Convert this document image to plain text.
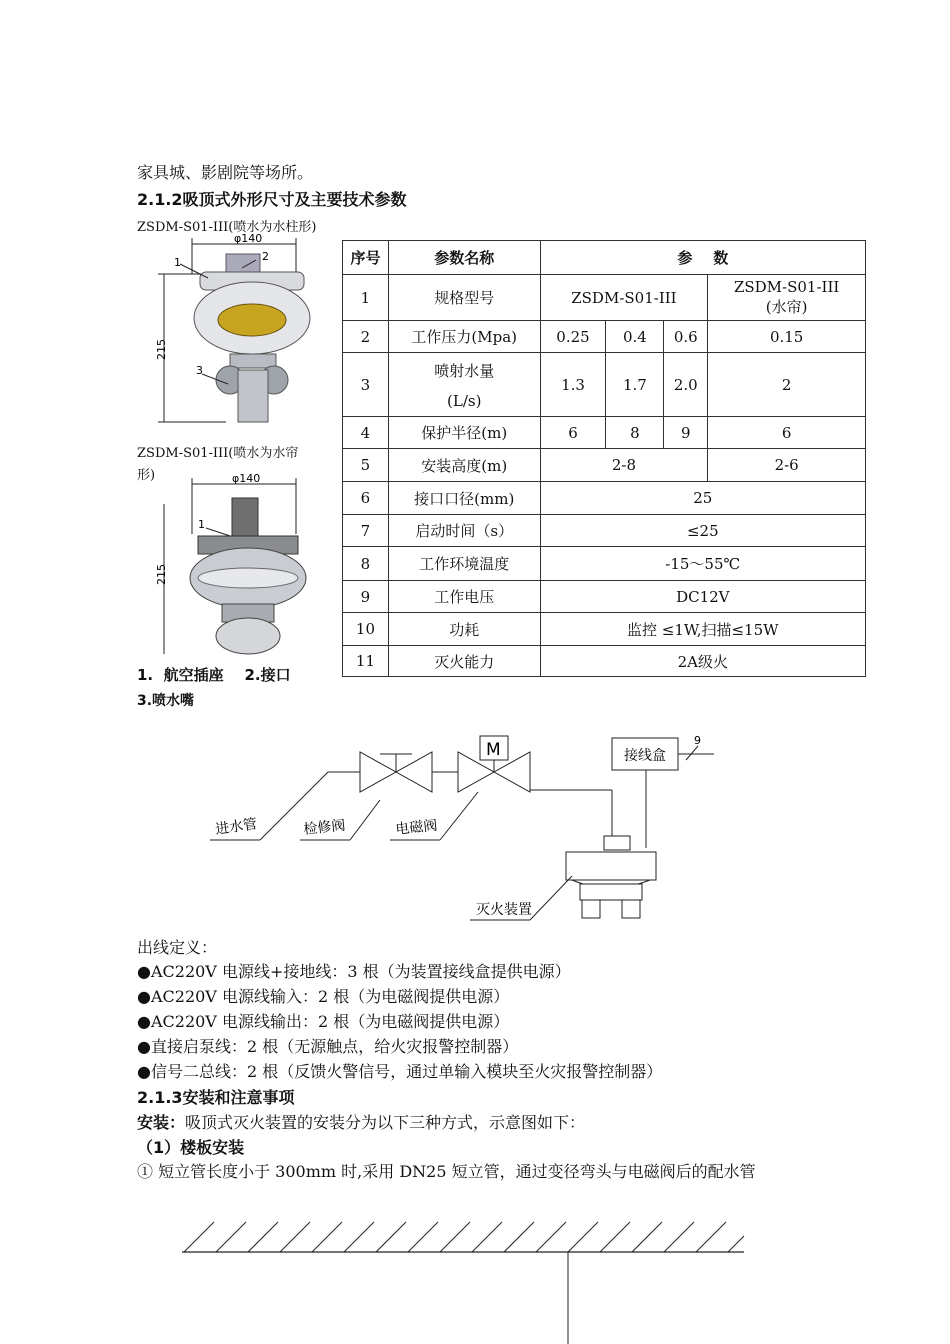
家具城、影剧院等场所。
2.1.2吸顶式外形尺寸及主要技术参数
ZSDM-S01-III(喷水为水柱形)
φ140
215
1	2
3
ZSDM-S01-III(喷水为水帘
形)	φ140
215
1
1.  航空插座    2.接口
3.喷水嘴
序号	参数名称	参    数			
1	规格型号	ZSDM-S01-III			ZSDM-S01-III
(水帘)

2	工作压力(Mpa)	0.25	0.4	0.6	0.15
3	喷射水量
(L/s)	1.3	1.7	2.0	2
4	保护半径(m)	6	8	9	6
5	安装高度(m)	2-8			2-6
6	接口口径(mm)	25			
7	启动时间（s）	≤25			
8	工作环境温度	-15～55℃			
9	工作电压	DC12V			
10	功耗	监控 ≤1W,扫描≤15W			
11	灭火能力	2A级火			
进水管	检修阀
M
电磁阀
接线盒
9
灭火装置
出线定义：
●AC220V 电源线+接地线：3 根（为装置接线盒提供电源）
●AC220V 电源线输入：2 根（为电磁阀提供电源）
●AC220V 电源线输出：2 根（为电磁阀提供电源）
●直接启泵线：2 根（无源触点，给火灾报警控制器）
●信号二总线：2 根（反馈火警信号，通过单输入模块至火灾报警控制器）
2.1.3安装和注意事项
安装：吸顶式灭火装置的安装分为以下三种方式，示意图如下：
（1）楼板安装
① 短立管长度小于 300mm 时,采用 DN25 短立管，通过变径弯头与电磁阀后的配水管
